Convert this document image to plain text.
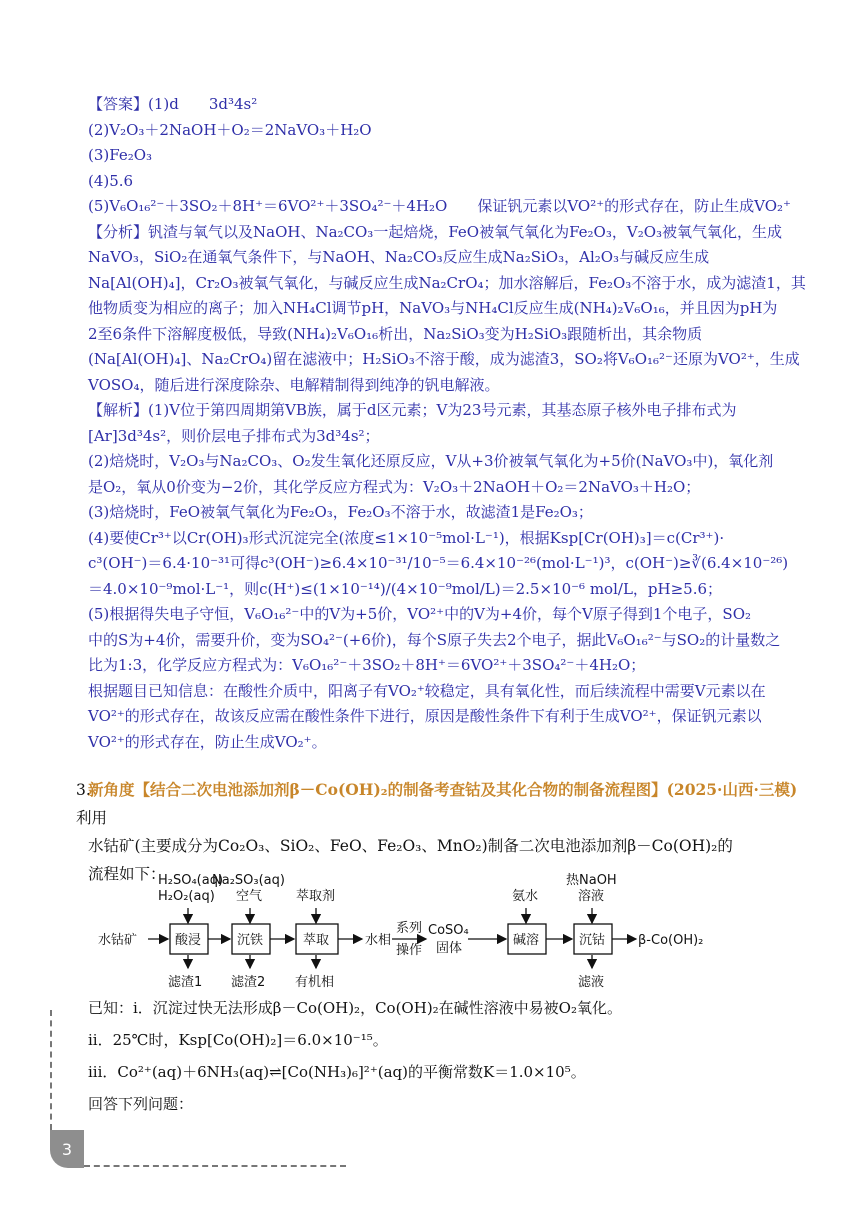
【答案】(1)d　　3d³4s²

(2)V₂O₃＋2NaOH＋O₂＝2NaVO₃＋H₂O

(3)Fe₂O₃

(4)5.6

(5)V₆O₁₆²⁻＋3SO₂＋8H⁺＝6VO²⁺＋3SO₄²⁻＋4H₂O　　保证钒元素以VO²⁺的形式存在，防止生成VO₂⁺

【分析】钒渣与氧气以及NaOH、Na₂CO₃一起焙烧，FeO被氧气氧化为Fe₂O₃，V₂O₃被氧气氧化，生成

NaVO₃，SiO₂在通氧气条件下，与NaOH、Na₂CO₃反应生成Na₂SiO₃，Al₂O₃与碱反应生成

Na[Al(OH)₄]，Cr₂O₃被氧气氧化，与碱反应生成Na₂CrO₄；加水溶解后，Fe₂O₃不溶于水，成为滤渣1，其

他物质变为相应的离子；加入NH₄Cl调节pH，NaVO₃与NH₄Cl反应生成(NH₄)₂V₆O₁₆，并且因为pH为

2至6条件下溶解度极低，导致(NH₄)₂V₆O₁₆析出，Na₂SiO₃变为H₂SiO₃跟随析出，其余物质

(Na[Al(OH)₄]、Na₂CrO₄)留在滤液中；H₂SiO₃不溶于酸，成为滤渣3，SO₂将V₆O₁₆²⁻还原为VO²⁺，生成

VOSO₄，随后进行深度除杂、电解精制得到纯净的钒电解液。

【解析】(1)V位于第四周期第VB族，属于d区元素；V为23号元素，其基态原子核外电子排布式为

[Ar]3d³4s²，则价层电子排布式为3d³4s²；

(2)焙烧时，V₂O₃与Na₂CO₃、O₂发生氧化还原反应，V从+3价被氧气氧化为+5价(NaVO₃中)，氧化剂

是O₂，氧从0价变为−2价，其化学反应方程式为：V₂O₃＋2NaOH＋O₂＝2NaVO₃＋H₂O；

(3)焙烧时，FeO被氧气氧化为Fe₂O₃，Fe₂O₃不溶于水，故滤渣1是Fe₂O₃；

(4)要使Cr³⁺以Cr(OH)₃形式沉淀完全(浓度≤1×10⁻⁵mol·L⁻¹)，根据Ksp[Cr(OH)₃]＝c(Cr³⁺)·

c³(OH⁻)＝6.4·10⁻³¹可得c³(OH⁻)≥6.4×10⁻³¹/10⁻⁵＝6.4×10⁻²⁶(mol·L⁻¹)³，c(OH⁻)≥∛(6.4×10⁻²⁶)

＝4.0×10⁻⁹mol·L⁻¹，则c(H⁺)≤(1×10⁻¹⁴)/(4×10⁻⁹mol/L)＝2.5×10⁻⁶ mol/L，pH≥5.6；

(5)根据得失电子守恒，V₆O₁₆²⁻中的V为+5价，VO²⁺中的V为+4价，每个V原子得到1个电子，SO₂

中的S为+4价，需要升价，变为SO₄²⁻(+6价)，每个S原子失去2个电子，据此V₆O₁₆²⁻与SO₂的计量数之

比为1:3，化学反应方程式为：V₆O₁₆²⁻＋3SO₂＋8H⁺＝6VO²⁺＋3SO₄²⁻＋4H₂O；

根据题目已知信息：在酸性介质中，阳离子有VO₂⁺较稳定，具有氧化性，而后续流程中需要V元素以在

VO²⁺的形式存在，故该反应需在酸性条件下进行，原因是酸性条件下有利于生成VO²⁺，保证钒元素以

VO²⁺的形式存在，防止生成VO₂⁺。

3.新角度【结合二次电池添加剂β－Co(OH)₂的制备考查钴及其化合物的制备流程图】(2025·山西·三模)利用

水钴矿(主要成分为Co₂O₃、SiO₂、FeO、Fe₂O₃、MnO₂)制备二次电池添加剂β－Co(OH)₂的

流程如下：

水钴矿	酸浸	沉铁	萃取	碱溶	沉钴
H₂SO₄(aq)
H₂O₂(aq)
Na₂SO₃(aq)
空气	萃取剂	氨水
热NaOH
溶液
滤渣1 滤渣2 有机相	滤液
水相
系列
操作
CoSO₄
固体
β-Co(OH)₂

已知：i．沉淀过快无法形成β－Co(OH)₂，Co(OH)₂在碱性溶液中易被O₂氧化。

ii．25℃时，Ksp[Co(OH)₂]＝6.0×10⁻¹⁵。

iii．Co²⁺(aq)＋6NH₃(aq)⇌[Co(NH₃)₆]²⁺(aq)的平衡常数K＝1.0×10⁵。

回答下列问题：

3
